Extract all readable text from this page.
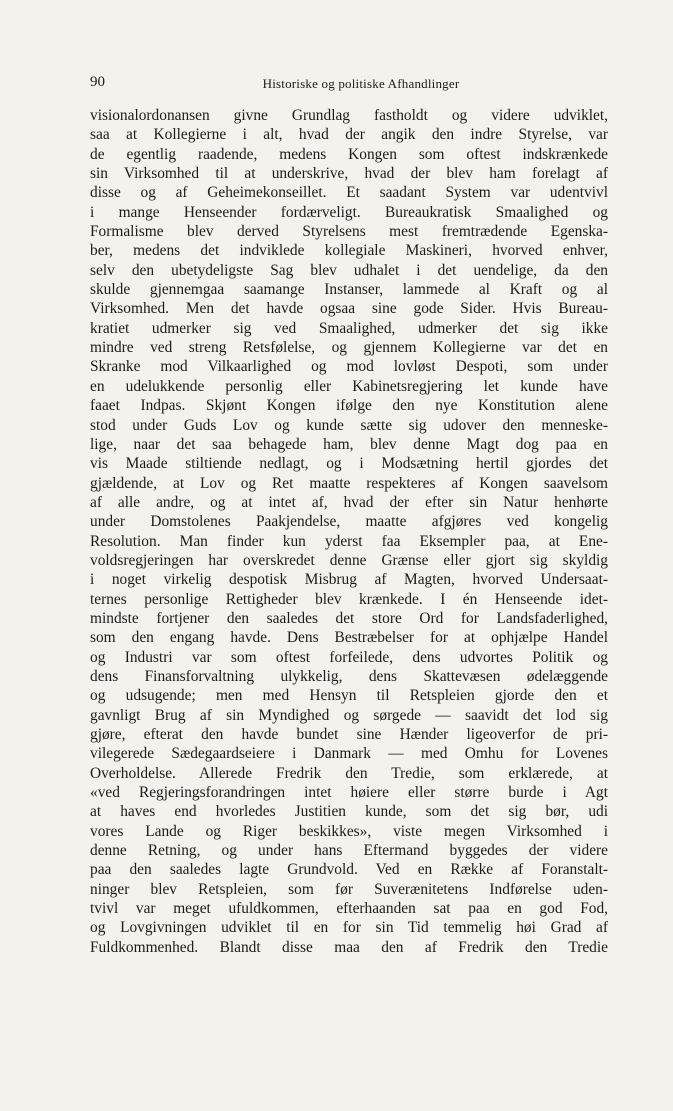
90	Historiske og politiske Afhandlinger
visionalordonansen givne Grundlag fastholdt og videre udviklet,
saa at Kollegierne i alt, hvad der angik den indre Styrelse, var
de egentlig raadende, medens Kongen som oftest indskrænkede
sin Virksomhed til at underskrive, hvad der blev ham forelagt af
disse og af Geheimekonseillet. Et saadant System var udentvivl
i mange Henseender fordærveligt. Bureaukratisk Smaalighed og
Formalisme blev derved Styrelsens mest fremtrædende Egenska-
ber, medens det indviklede kollegiale Maskineri, hvorved enhver,
selv den ubetydeligste Sag blev udhalet i det uendelige, da den
skulde gjennemgaa saamange Instanser, lammede al Kraft og al
Virksomhed. Men det havde ogsaa sine gode Sider. Hvis Bureau-
kratiet udmerker sig ved Smaalighed, udmerker det sig ikke
mindre ved streng Retsfølelse, og gjennem Kollegierne var det en
Skranke mod Vilkaarlighed og mod lovløst Despoti, som under
en udelukkende personlig eller Kabinetsregjering let kunde have
faaet Indpas. Skjønt Kongen ifølge den nye Konstitution alene
stod under Guds Lov og kunde sætte sig udover den menneske-
lige, naar det saa behagede ham, blev denne Magt dog paa en
vis Maade stiltiende nedlagt, og i Modsætning hertil gjordes det
gjældende, at Lov og Ret maatte respekteres af Kongen saavelsom
af alle andre, og at intet af, hvad der efter sin Natur henhørte
under Domstolenes Paakjendelse, maatte afgjøres ved kongelig
Resolution. Man finder kun yderst faa Eksempler paa, at Ene-
voldsregjeringen har overskredet denne Grænse eller gjort sig skyldig
i noget virkelig despotisk Misbrug af Magten, hvorved Undersaat-
ternes personlige Rettigheder blev krænkede. I én Henseende idet-
mindste fortjener den saaledes det store Ord for Landsfaderlighed,
som den engang havde. Dens Bestræbelser for at ophjælpe Handel
og Industri var som oftest forfeilede, dens udvortes Politik og
dens Finansforvaltning ulykkelig, dens Skattevæsen ødelæggende
og udsugende; men med Hensyn til Retspleien gjorde den et
gavnligt Brug af sin Myndighed og sørgede — saavidt det lod sig
gjøre, efterat den havde bundet sine Hænder ligeoverfor de pri-
vilegerede Sædegaardseiere i Danmark — med Omhu for Lovenes
Overholdelse. Allerede Fredrik den Tredie, som erklærede, at
«ved Regjeringsforandringen intet høiere eller større burde i Agt
at haves end hvorledes Justitien kunde, som det sig bør, udi
vores Lande og Riger beskikkes», viste megen Virksomhed i
denne Retning, og under hans Eftermand byggedes der videre
paa den saaledes lagte Grundvold. Ved en Række af Foranstalt-
ninger blev Retspleien, som før Suverænitetens Indførelse uden-
tvivl var meget ufuldkommen, efterhaanden sat paa en god Fod,
og Lovgivningen udviklet til en for sin Tid temmelig høi Grad af
Fuldkommenhed. Blandt disse maa den af Fredrik den Tredie
